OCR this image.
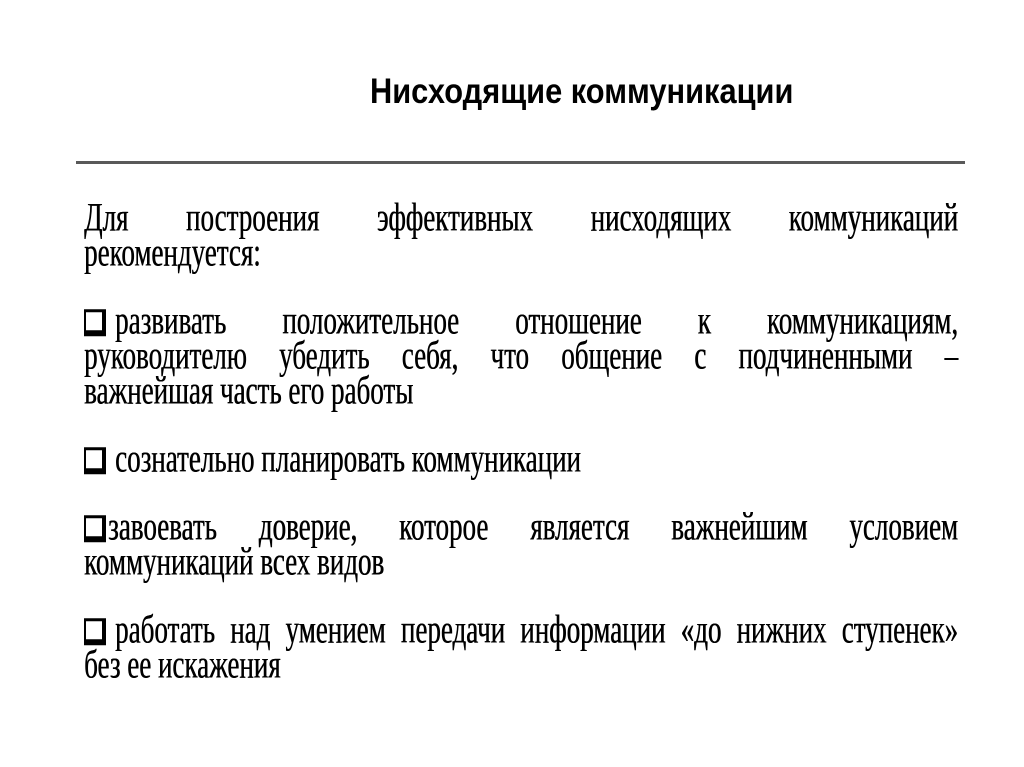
Нисходящие коммуникации
Для построения эффективных нисходящих коммуникаций
рекомендуется:
развивать положительное отношение к коммуникациям,
руководителю убедить себя, что общение с подчиненными –
важнейшая часть его работы
сознательно планировать коммуникации
завоевать доверие, которое является важнейшим условием
коммуникаций всех видов
работать над умением передачи информации «до нижних ступенек»
без ее искажения
